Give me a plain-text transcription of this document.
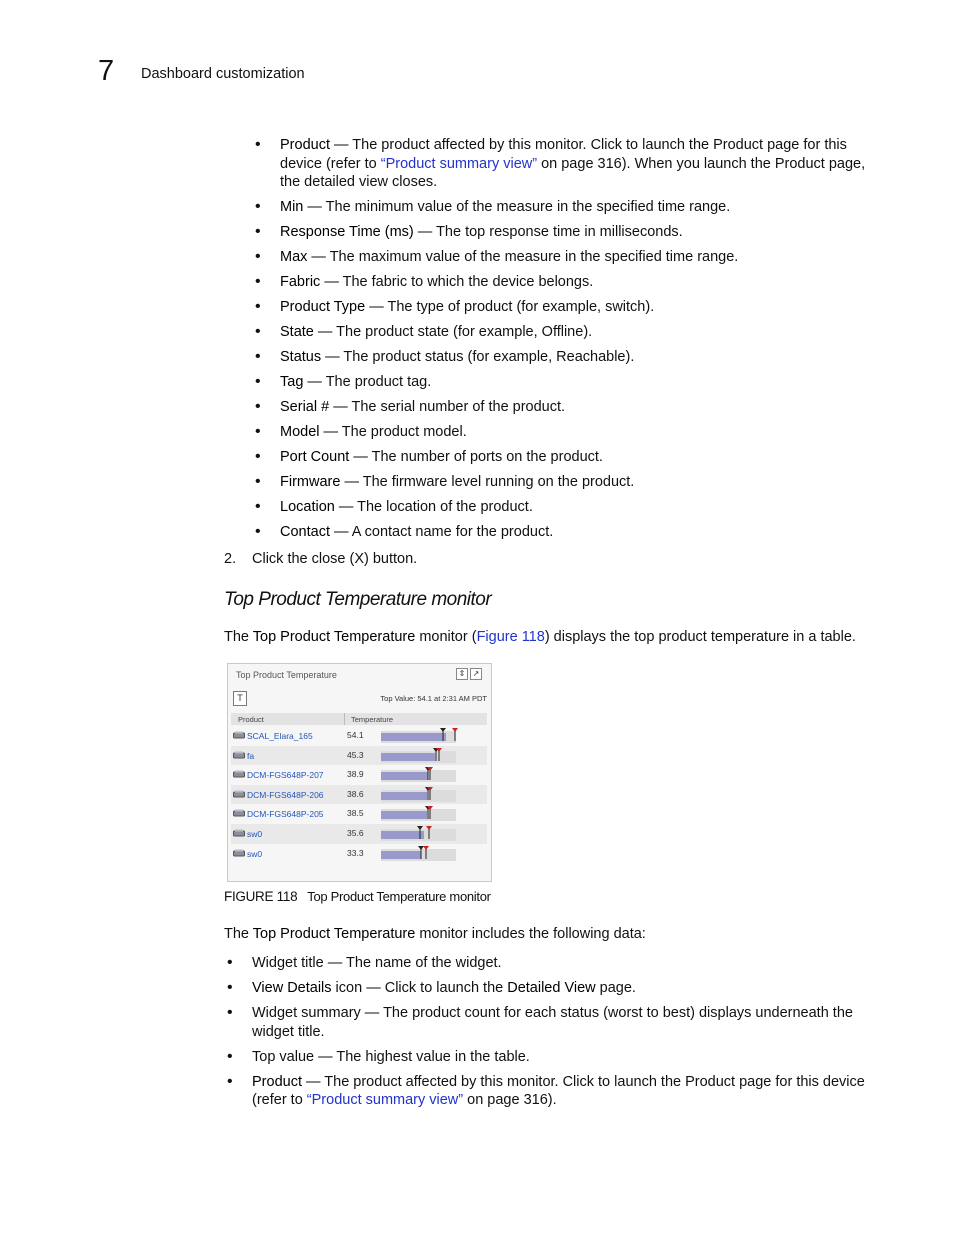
7 Dashboard customization
• Product — The product affected by this monitor. Click to launch the Product page for this device (refer to “Product summary view” on page 316). When you launch the Product page, the detailed view closes.
• Min — The minimum value of the measure in the specified time range.
• Response Time (ms) — The top response time in milliseconds.
• Max — The maximum value of the measure in the specified time range.
• Fabric — The fabric to which the device belongs.
• Product Type — The type of product (for example, switch).
• State — The product state (for example, Offline).
• Status — The product status (for example, Reachable).
• Tag — The product tag.
• Serial # — The serial number of the product.
• Model — The product model.
• Port Count — The number of ports on the product.
• Firmware — The firmware level running on the product.
• Location — The location of the product.
• Contact — A contact name for the product.
2. Click the close (X) button.
Top Product Temperature monitor
The Top Product Temperature monitor (Figure 118) displays the top product temperature in a table.
Top Product Temperature	⇕ ↗
T	Top Value: 54.1 at 2:31 AM PDT
Product	Temperature
SCAL_Elara_165	54.1
fa	45.3
DCM-FGS648P-207	38.9
DCM-FGS648P-206	38.6
DCM-FGS648P-205	38.5
sw0	35.6
sw0	33.3
FIGURE 118 Top Product Temperature monitor
The Top Product Temperature monitor includes the following data:
• Widget title — The name of the widget.
• View Details icon — Click to launch the Detailed View page.
• Widget summary — The product count for each status (worst to best) displays underneath the widget title.
• Top value — The highest value in the table.
• Product — The product affected by this monitor. Click to launch the Product page for this device (refer to “Product summary view” on page 316).
